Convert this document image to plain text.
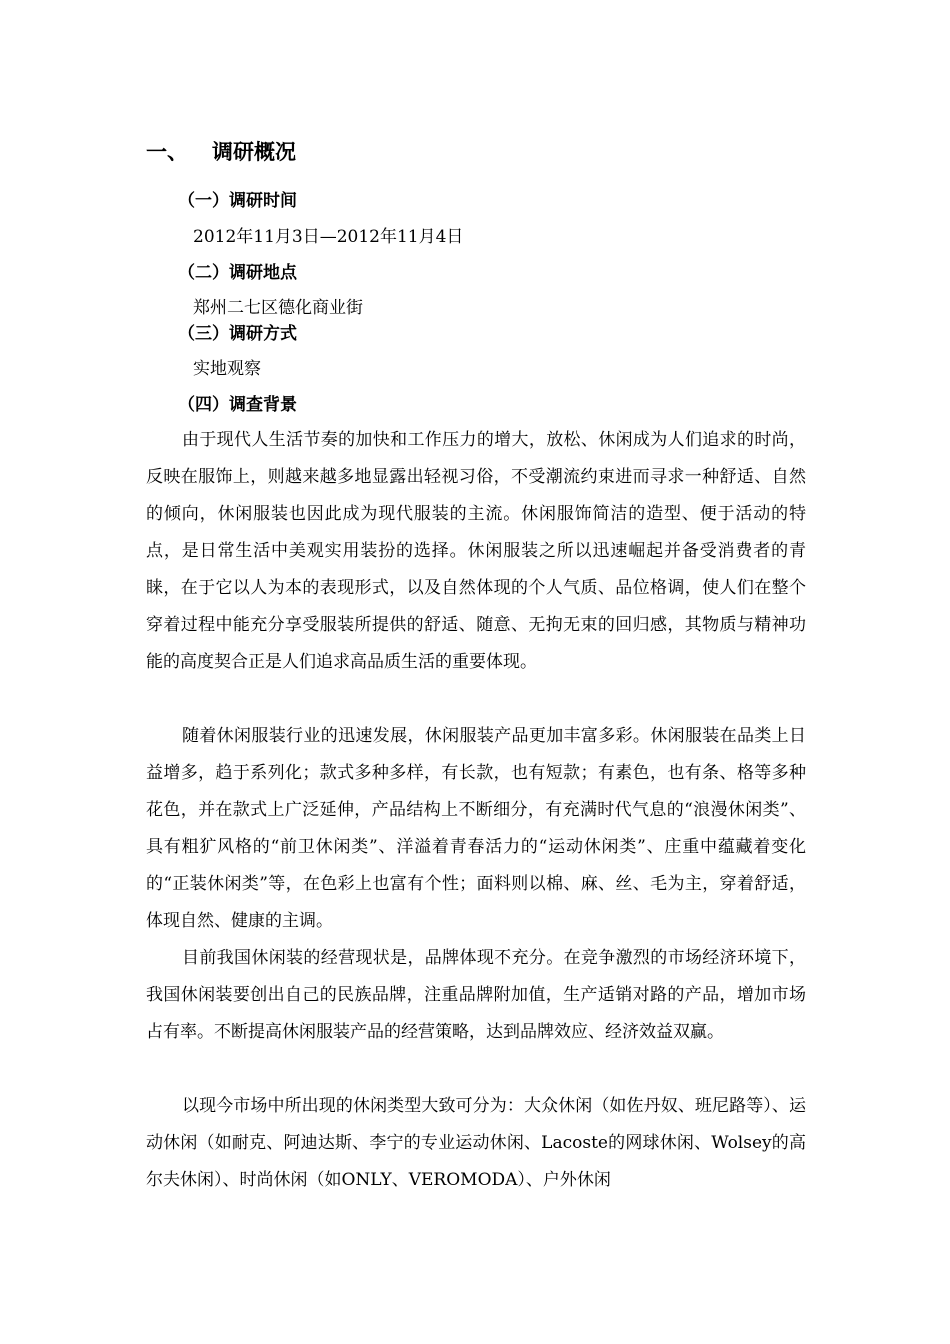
一、 调研概况
（一）调研时间
2012年11月3日—2012年11月4日
（二）调研地点
郑州二七区德化商业街
（三）调研方式
实地观察
（四）调查背景

由于现代人生活节奏的加快和工作压力的增大，放松、休闲成为人们追求的时尚，反映在服饰上，则越来越多地显露出轻视习俗，不受潮流约束进而寻求一种舒适、自然的倾向，休闲服装也因此成为现代服装的主流。休闲服饰简洁的造型、便于活动的特点，是日常生活中美观实用装扮的选择。休闲服装之所以迅速崛起并备受消费者的青睐，在于它以人为本的表现形式，以及自然体现的个人气质、品位格调，使人们在整个穿着过程中能充分享受服装所提供的舒适、随意、无拘无束的回归感，其物质与精神功能的高度契合正是人们追求高品质生活的重要体现。

随着休闲服装行业的迅速发展，休闲服装产品更加丰富多彩。休闲服装在品类上日益增多，趋于系列化；款式多种多样，有长款，也有短款；有素色，也有条、格等多种花色，并在款式上广泛延伸，产品结构上不断细分，有充满时代气息的“浪漫休闲类”、具有粗犷风格的“前卫休闲类”、洋溢着青春活力的“运动休闲类”、庄重中蕴藏着变化的“正装休闲类”等，在色彩上也富有个性；面料则以棉、麻、丝、毛为主，穿着舒适，体现自然、健康的主调。

目前我国休闲装的经营现状是，品牌体现不充分。在竞争激烈的市场经济环境下，我国休闲装要创出自己的民族品牌，注重品牌附加值，生产适销对路的产品，增加市场占有率。不断提高休闲服装产品的经营策略，达到品牌效应、经济效益双赢。

以现今市场中所出现的休闲类型大致可分为：大众休闲（如佐丹奴、班尼路等）、运动休闲（如耐克、阿迪达斯、李宁的专业运动休闲、Lacoste的网球休闲、Wolsey的高尔夫休闲）、时尚休闲（如ONLY、VEROMODA）、户外休闲
